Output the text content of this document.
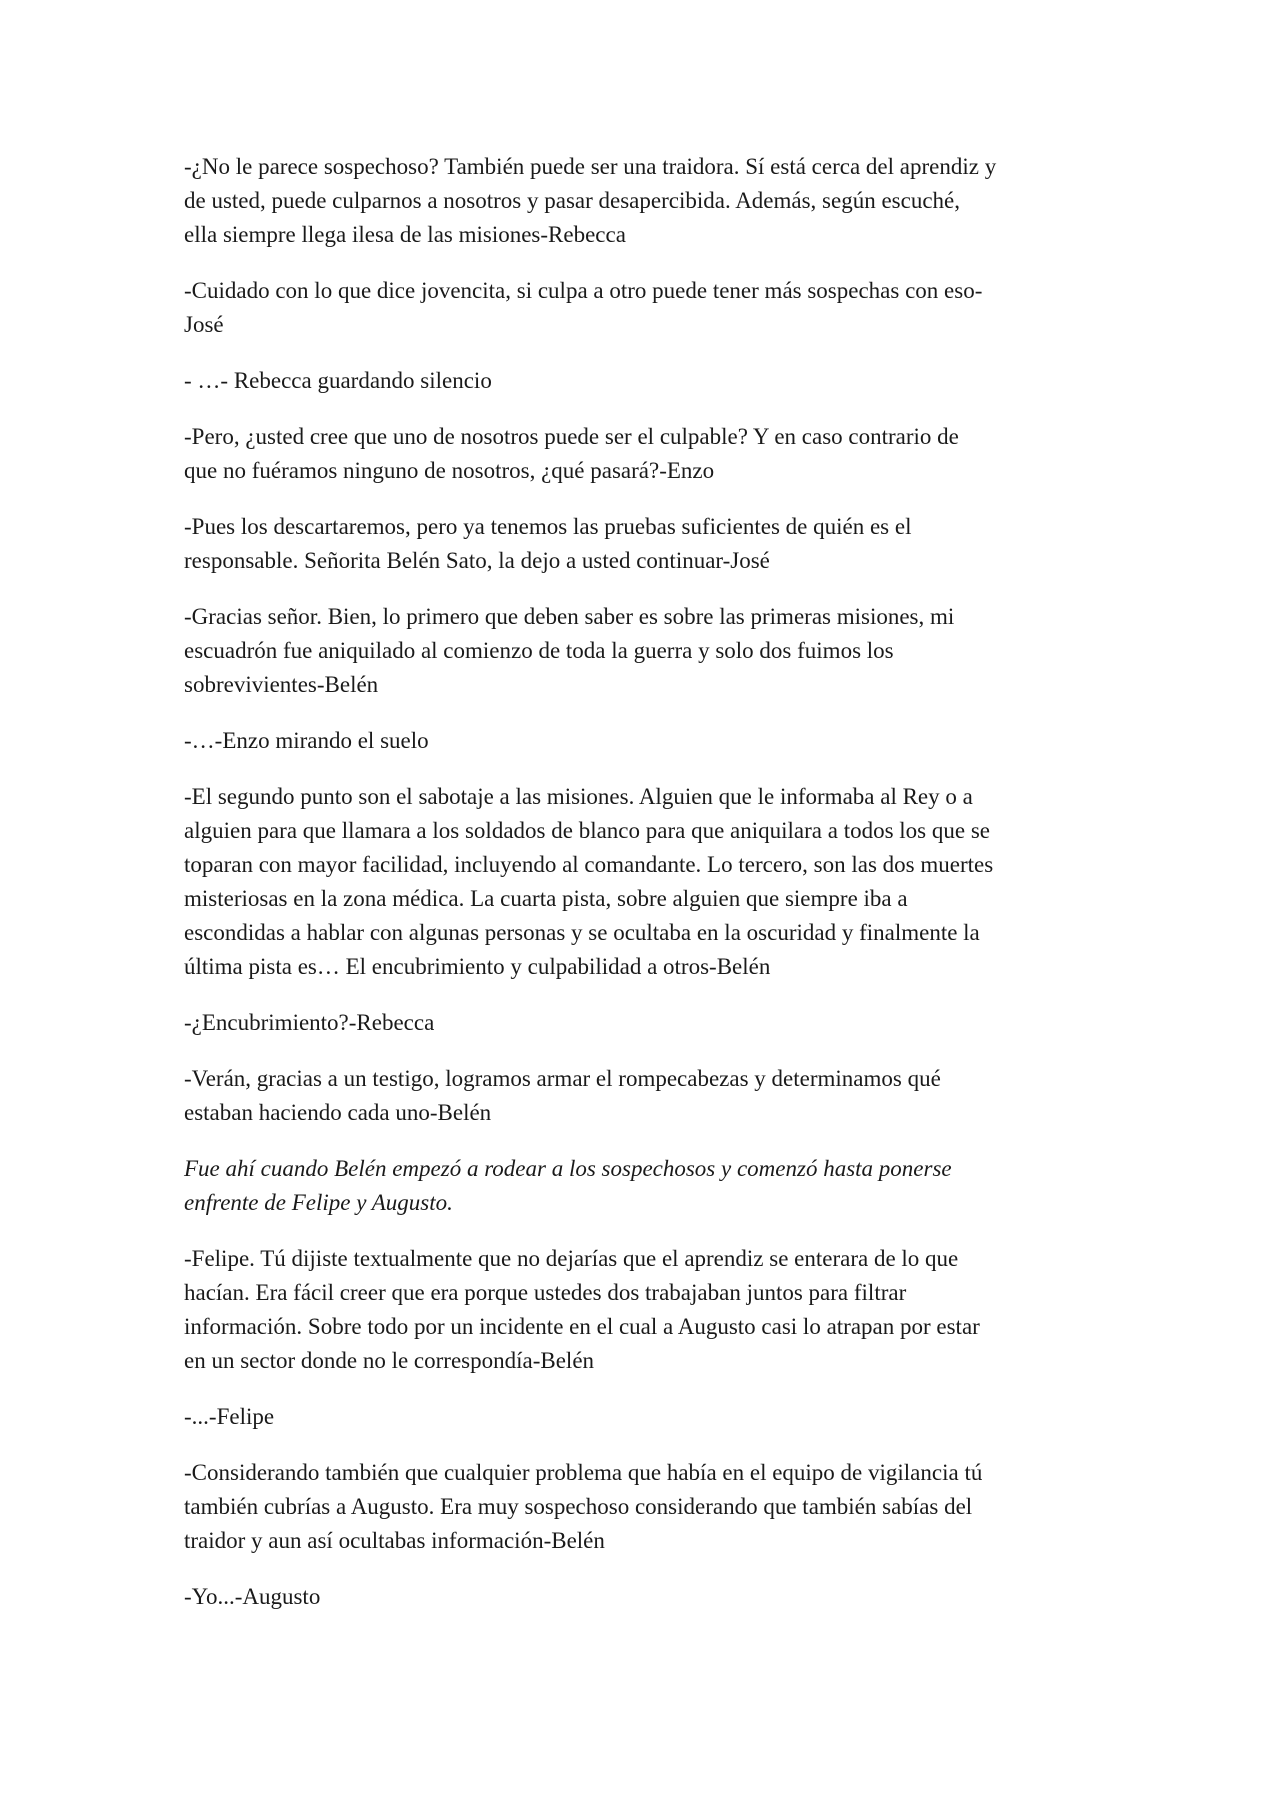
-¿No le parece sospechoso? También puede ser una traidora. Sí está cerca del aprendiz y
de usted, puede culparnos a nosotros y pasar desapercibida. Además, según escuché,
ella siempre llega ilesa de las misiones-Rebecca

-Cuidado con lo que dice jovencita, si culpa a otro puede tener más sospechas con eso-
José

- …- Rebecca guardando silencio

-Pero, ¿usted cree que uno de nosotros puede ser el culpable? Y en caso contrario de
que no fuéramos ninguno de nosotros, ¿qué pasará?-Enzo

-Pues los descartaremos, pero ya tenemos las pruebas suficientes de quién es el
responsable. Señorita Belén Sato, la dejo a usted continuar-José

-Gracias señor. Bien, lo primero que deben saber es sobre las primeras misiones, mi
escuadrón fue aniquilado al comienzo de toda la guerra y solo dos fuimos los
sobrevivientes-Belén

-…-Enzo mirando el suelo

-El segundo punto son el sabotaje a las misiones. Alguien que le informaba al Rey o a
alguien para que llamara a los soldados de blanco para que aniquilara a todos los que se
toparan con mayor facilidad, incluyendo al comandante. Lo tercero, son las dos muertes
misteriosas en la zona médica. La cuarta pista, sobre alguien que siempre iba a
escondidas a hablar con algunas personas y se ocultaba en la oscuridad y finalmente la
última pista es… El encubrimiento y culpabilidad a otros-Belén

-¿Encubrimiento?-Rebecca

-Verán, gracias a un testigo, logramos armar el rompecabezas y determinamos qué
estaban haciendo cada uno-Belén

Fue ahí cuando Belén empezó a rodear a los sospechosos y comenzó hasta ponerse
enfrente de Felipe y Augusto.

-Felipe. Tú dijiste textualmente que no dejarías que el aprendiz se enterara de lo que
hacían. Era fácil creer que era porque ustedes dos trabajaban juntos para filtrar
información. Sobre todo por un incidente en el cual a Augusto casi lo atrapan por estar
en un sector donde no le correspondía-Belén

-...-Felipe

-Considerando también que cualquier problema que había en el equipo de vigilancia tú
también cubrías a Augusto. Era muy sospechoso considerando que también sabías del
traidor y aun así ocultabas información-Belén

-Yo...-Augusto
